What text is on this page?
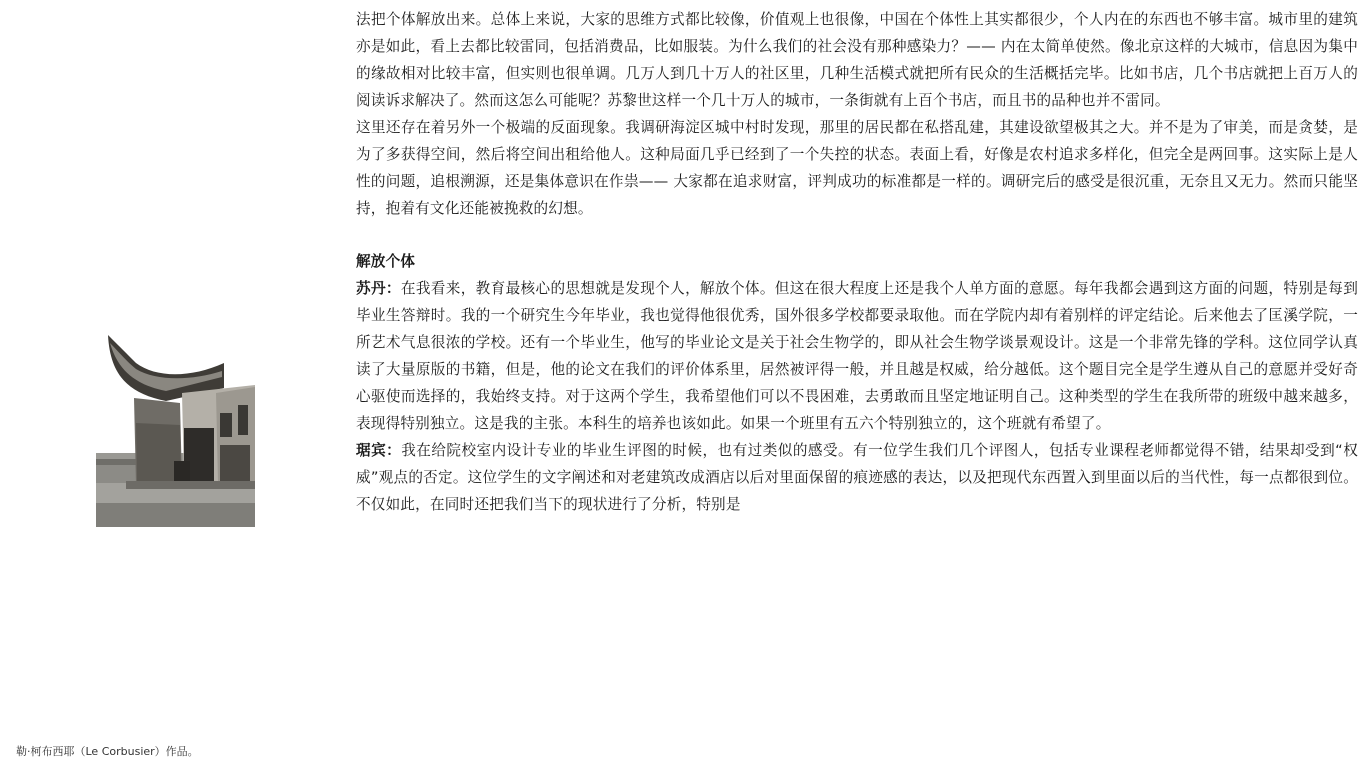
勒·柯布西耶（Le Corbusier）作品。

法把个体解放出来。总体上来说，大家的思维方式都比较像，价值观上也很像，中国在个体性上其实都很少，个人内在的东西也不够丰富。城市里的建筑亦是如此，看上去都比较雷同，包括消费品，比如服装。为什么我们的社会没有那种感染力？—— 内在太简单使然。像北京这样的大城市，信息因为集中的缘故相对比较丰富，但实则也很单调。几万人到几十万人的社区里，几种生活模式就把所有民众的生活概括完毕。比如书店，几个书店就把上百万人的阅读诉求解决了。然而这怎么可能呢？苏黎世这样一个几十万人的城市，一条街就有上百个书店，而且书的品种也并不雷同。

这里还存在着另外一个极端的反面现象。我调研海淀区城中村时发现，那里的居民都在私搭乱建，其建设欲望极其之大。并不是为了审美，而是贪婪，是为了多获得空间，然后将空间出租给他人。这种局面几乎已经到了一个失控的状态。表面上看，好像是农村追求多样化，但完全是两回事。这实际上是人性的问题，追根溯源，还是集体意识在作祟—— 大家都在追求财富，评判成功的标准都是一样的。调研完后的感受是很沉重，无奈且又无力。然而只能坚持，抱着有文化还能被挽救的幻想。

解放个体

苏丹：在我看来，教育最核心的思想就是发现个人，解放个体。但这在很大程度上还是我个人单方面的意愿。每年我都会遇到这方面的问题，特别是每到毕业生答辩时。我的一个研究生今年毕业，我也觉得他很优秀，国外很多学校都要录取他。而在学院内却有着别样的评定结论。后来他去了匡溪学院，一所艺术气息很浓的学校。还有一个毕业生，他写的毕业论文是关于社会生物学的，即从社会生物学谈景观设计。这是一个非常先锋的学科。这位同学认真读了大量原版的书籍，但是，他的论文在我们的评价体系里，居然被评得一般，并且越是权威，给分越低。这个题目完全是学生遵从自己的意愿并受好奇心驱使而选择的，我始终支持。对于这两个学生，我希望他们可以不畏困难，去勇敢而且坚定地证明自己。这种类型的学生在我所带的班级中越来越多，表现得特别独立。这是我的主张。本科生的培养也该如此。如果一个班里有五六个特别独立的，这个班就有希望了。

琚宾：我在给院校室内设计专业的毕业生评图的时候，也有过类似的感受。有一位学生我们几个评图人，包括专业课程老师都觉得不错，结果却受到“权威”观点的否定。这位学生的文字阐述和对老建筑改成酒店以后对里面保留的痕迹感的表达，以及把现代东西置入到里面以后的当代性，每一点都很到位。不仅如此，在同时还把我们当下的现状进行了分析，特别是
